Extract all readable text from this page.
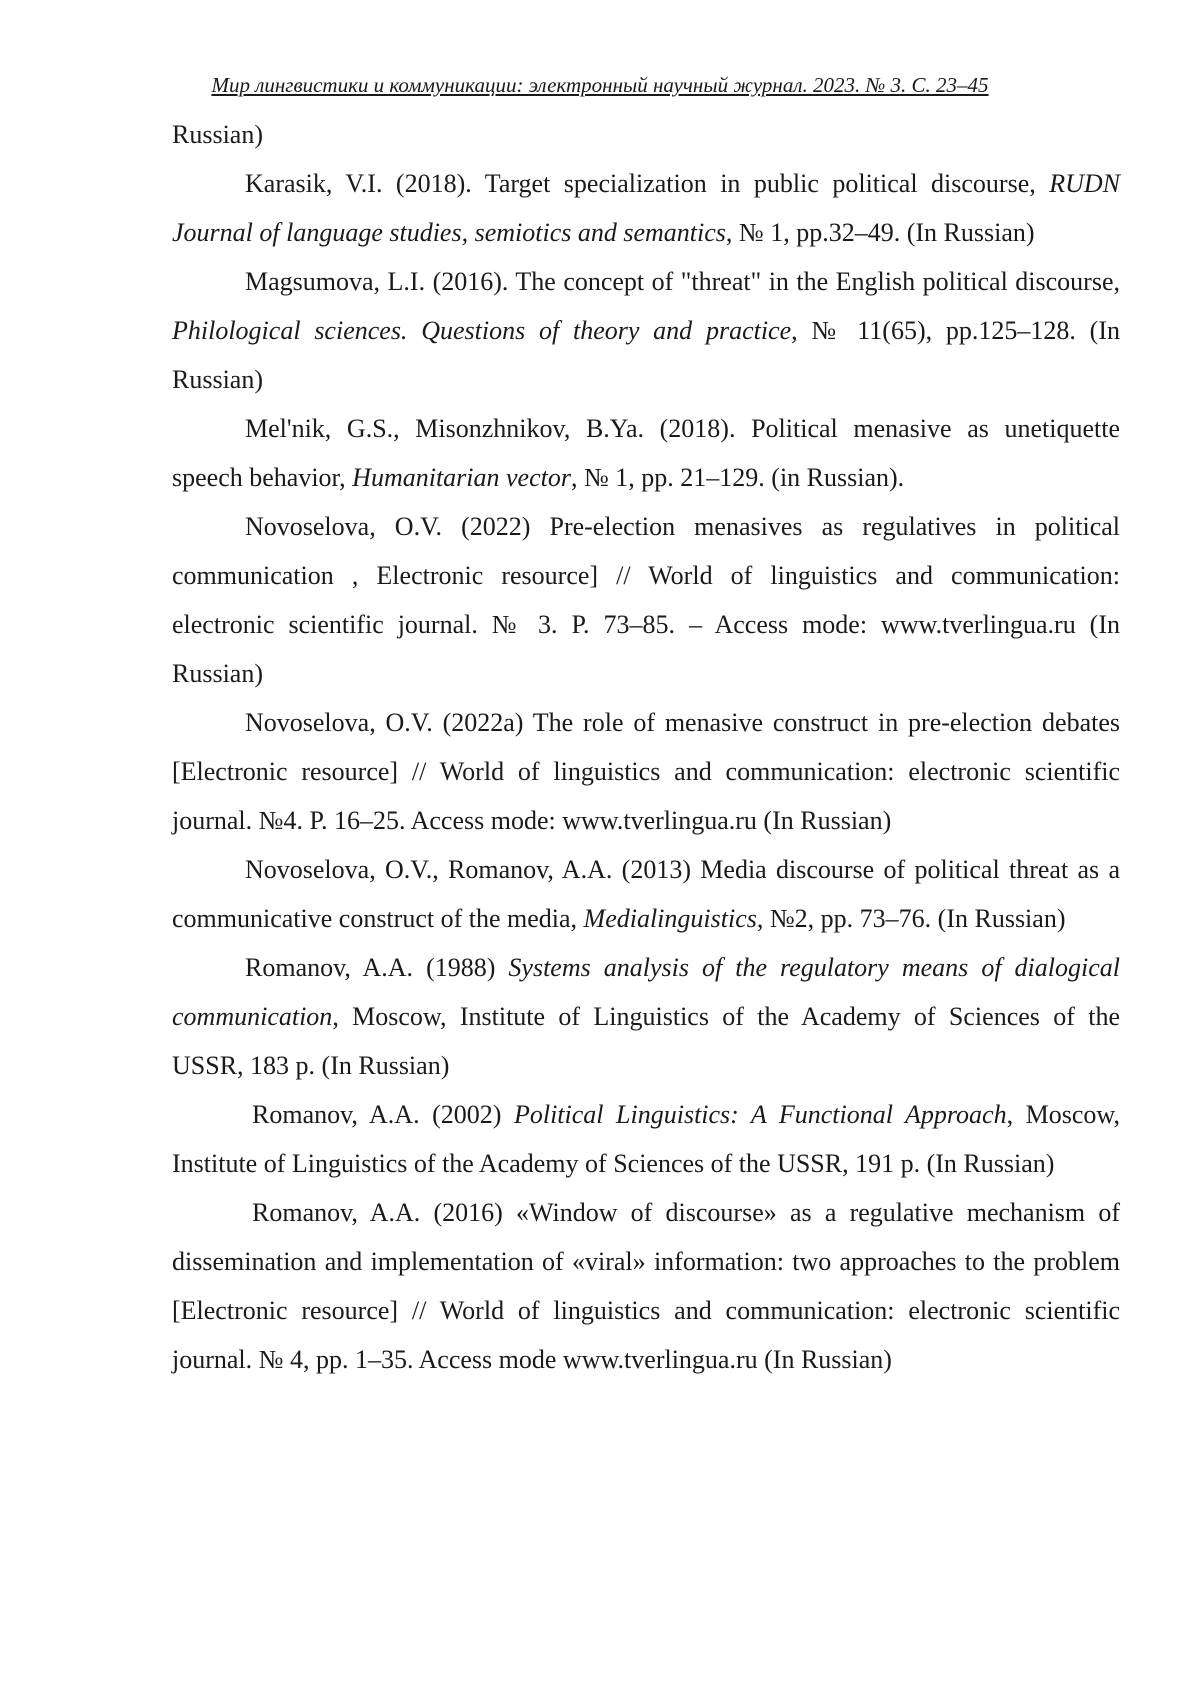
Мир лингвистики и коммуникации: электронный научный журнал. 2023. № 3. С. 23–45

Russian)

Karasik, V.I. (2018). Target specialization in public political discourse, RUDN Journal of language studies, semiotics and semantics, № 1, pp.32–49. (In Russian)

Magsumova, L.I. (2016). The concept of "threat" in the English political discourse, Philological sciences. Questions of theory and practice, № 11(65), pp.125–128. (In Russian)

Mel'nik, G.S., Misonzhnikov, B.Ya. (2018). Political menasive as unetiquette speech behavior, Humanitarian vector, № 1, pp. 21–129. (in Russian).

Novoselova, O.V. (2022) Pre-election menasives as regulatives in political communication , Electronic resource] // World of linguistics and communication: electronic scientific journal. № 3. P. 73–85. – Access mode: www.tverlingua.ru (In Russian)

Novoselova, O.V. (2022a) The role of menasive construct in pre-election debates [Electronic resource] // World of linguistics and communication: electronic scientific journal. №4. P. 16–25. Access mode: www.tverlingua.ru (In Russian)

Novoselova, O.V., Romanov, A.A. (2013) Media discourse of political threat as a communicative construct of the media, Medialinguistics, №2, pp. 73–76. (In Russian)

Romanov, A.A. (1988) Systems analysis of the regulatory means of dialogical communication, Moscow, Institute of Linguistics of the Academy of Sciences of the USSR, 183 p. (In Russian)

Romanov, A.A. (2002) Political Linguistics: A Functional Approach, Moscow, Institute of Linguistics of the Academy of Sciences of the USSR, 191 p. (In Russian)

Romanov, A.A. (2016) «Window of discourse» as a regulative mechanism of dissemination and implementation of «viral» information: two approaches to the problem [Electronic resource] // World of linguistics and communication: electronic scientific journal. № 4, pp. 1–35. Access mode www.tverlingua.ru (In Russian)
